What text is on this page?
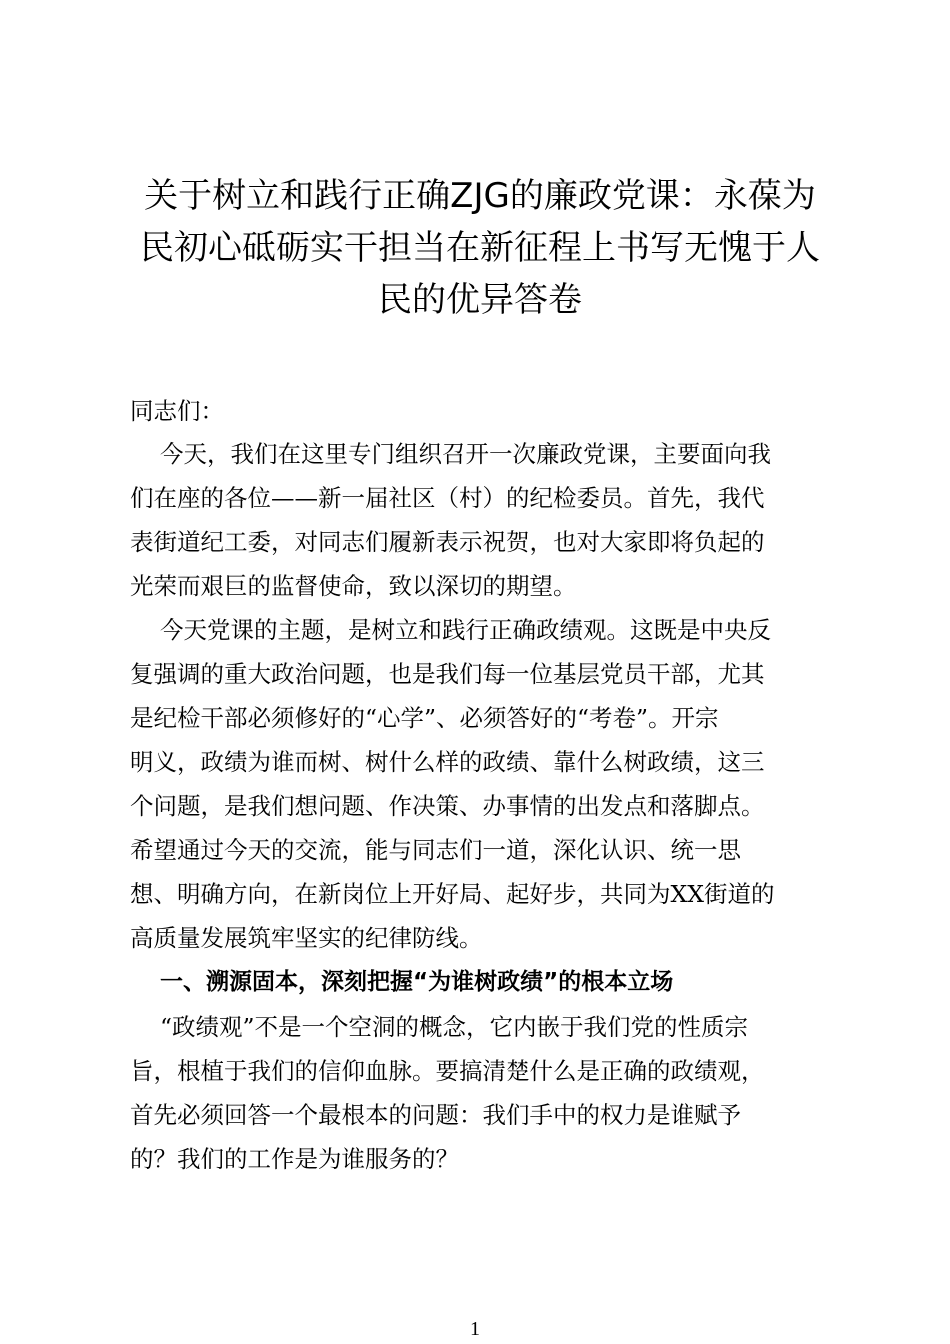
关于树立和践行正确ZJG的廉政党课：永葆为
民初心砥砺实干担当在新征程上书写无愧于人
民的优异答卷
同志们：
今天，我们在这里专门组织召开一次廉政党课，主要面向我
们在座的各位——新一届社区（村）的纪检委员。首先，我代
表街道纪工委，对同志们履新表示祝贺，也对大家即将负起的
光荣而艰巨的监督使命，致以深切的期望。
今天党课的主题，是树立和践行正确政绩观。这既是中央反
复强调的重大政治问题，也是我们每一位基层党员干部，尤其
是纪检干部必须修好的“心学”、必须答好的“考卷”。开宗
明义，政绩为谁而树、树什么样的政绩、靠什么树政绩，这三
个问题，是我们想问题、作决策、办事情的出发点和落脚点。
希望通过今天的交流，能与同志们一道，深化认识、统一思
想、明确方向，在新岗位上开好局、起好步，共同为XX街道的
高质量发展筑牢坚实的纪律防线。
一、溯源固本，深刻把握“为谁树政绩”的根本立场
“政绩观”不是一个空洞的概念，它内嵌于我们党的性质宗
旨，根植于我们的信仰血脉。要搞清楚什么是正确的政绩观，
首先必须回答一个最根本的问题：我们手中的权力是谁赋予
的？我们的工作是为谁服务的？
1
